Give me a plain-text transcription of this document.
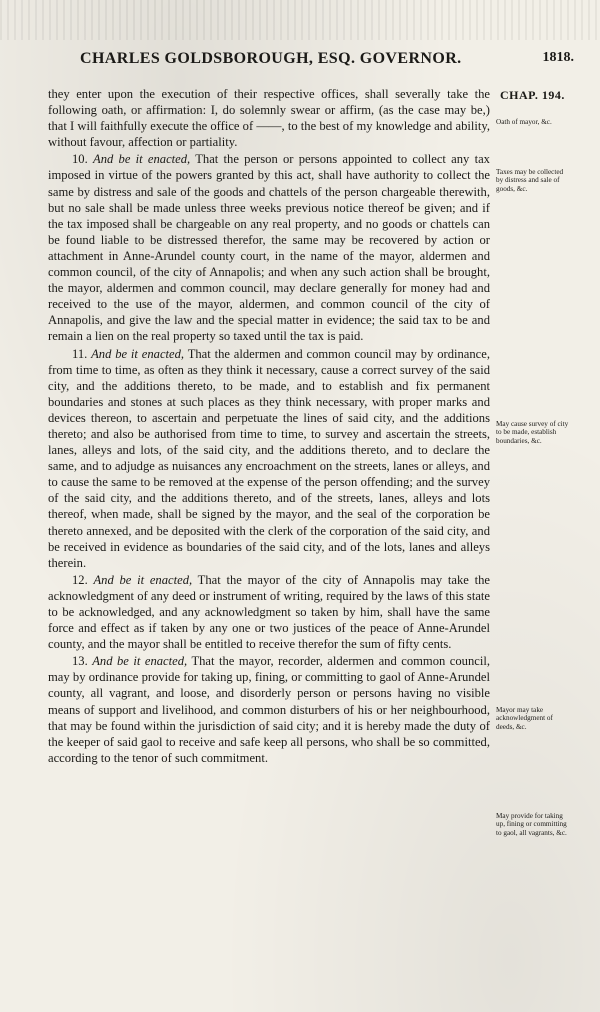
CHARLES GOLDSBOROUGH, ESQ. GOVERNOR.	1818.
CHAP. 194.
Oath of mayor, &c.
Taxes may be collected by distress and sale of goods, &c.
May cause survey of city to be made, establish boundaries, &c.
Mayor may take acknowledgment of deeds, &c.
May provide for taking up, fining or committing to gaol, all vagrants, &c.

they enter upon the execution of their respective offices, shall severally take the following oath, or affirmation: I, do solemnly swear or affirm, (as the case may be,) that I will faithfully execute the office of ——, to the best of my knowledge and ability, without favour, affection or partiality.

10. And be it enacted, That the person or persons appointed to collect any tax imposed in virtue of the powers granted by this act, shall have authority to collect the same by distress and sale of the goods and chattels of the person chargeable therewith, but no sale shall be made unless three weeks previous notice thereof be given; and if the tax imposed shall be chargeable on any real property, and no goods or chattels can be found liable to be distressed therefor, the same may be recovered by action or attachment in Anne-Arundel county court, in the name of the mayor, aldermen and common council, of the city of Annapolis; and when any such action shall be brought, the mayor, aldermen and common council, may declare generally for money had and received to the use of the mayor, aldermen, and common council of the city of Annapolis, and give the law and the special matter in evidence; the said tax to be and remain a lien on the real property so taxed until the tax is paid.

11. And be it enacted, That the aldermen and common council may by ordinance, from time to time, as often as they think it necessary, cause a correct survey of the said city, and the additions thereto, to be made, and to establish and fix permanent boundaries and stones at such places as they think necessary, with proper marks and devices thereon, to ascertain and perpetuate the lines of said city, and the additions thereto; and also be authorised from time to time, to survey and ascertain the streets, lanes, alleys and lots, of the said city, and the additions thereto, and to declare the same, and to adjudge as nuisances any encroachment on the streets, lanes or alleys, and to cause the same to be removed at the expense of the person offending; and the survey of the said city, and the additions thereto, and of the streets, lanes, alleys and lots thereof, when made, shall be signed by the mayor, and the seal of the corporation be thereto annexed, and be deposited with the clerk of the corporation of the said city, and be received in evidence as boundaries of the said city, and of the lots, lanes and alleys therein.

12. And be it enacted, That the mayor of the city of Annapolis may take the acknowledgment of any deed or instrument of writing, required by the laws of this state to be acknowledged, and any acknowledgment so taken by him, shall have the same force and effect as if taken by any one or two justices of the peace of Anne-Arundel county, and the mayor shall be entitled to receive therefor the sum of fifty cents.

13. And be it enacted, That the mayor, recorder, aldermen and common council, may by ordinance provide for taking up, fining, or committing to gaol of Anne-Arundel county, all vagrant, and loose, and disorderly person or persons having no visible means of support and livelihood, and common disturbers of his or her neighbourhood, that may be found within the jurisdiction of said city; and it is hereby made the duty of the keeper of said gaol to receive and safe keep all persons, who shall be so committed, according to the tenor of such commitment.
